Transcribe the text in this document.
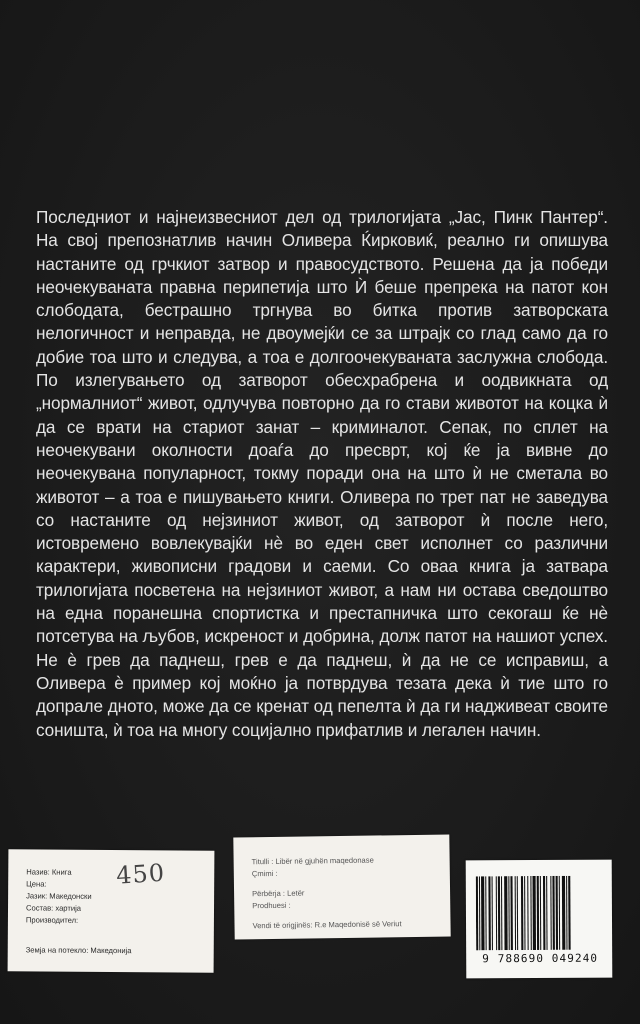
Последниот и најнеизвесниот дел од трилогијата „Јас, Пинк Пантер“. На свој препознатлив начин Оливера Ќирковиќ, реално ги опишува настаните од грчкиот затвор и правосудството. Решена да ја победи неочекуваната правна перипетија што Ѝ беше препрека на патот кон слободата, бестрашно тргнува во битка против затворската нелогичност и неправда, не двоумејќи се за штрајк со глад само да го добие тоа што и следува, а тоа е долгоочекуваната заслужна слобода. По излегувањето од затворот обесхрабрена и оодвикната од „нормалниот“ живот, одлучува повторно да го стави животот на коцка ѝ да се врати на стариот занат – криминалот. Сепак, по сплет на неочекувани околности доаѓа до пресврт, кој ќе ја вивне до неочекувана популарност, токму поради она на што ѝ не сметала во животот – а тоа е пишувањето книги. Оливера по трет пат не заведува со настаните од нејзиниот живот, од затворот ѝ после него, истовремено вовлекувајќи нѐ во еден свет исполнет со различни карактери, живописни градови и саеми. Со оваа книга ја затвара трилогијата посветена на нејзиниот живот, а нам ни остава сведоштво на една поранешна спортистка и престапничка што секогаш ќе нѐ потсетува на љубов, искреност и добрина, долж патот на нашиот успех. Не ѐ грев да паднеш, грев е да паднеш, ѝ да не се исправиш, а Оливера ѐ пример кој моќно ја потврдува тезата дека ѝ тие што го допрале дното, може да се кренат од пепелта ѝ да ги надживеат своите соништа, ѝ тоа на многу социјално прифатлив и легален начин.

Назив: Книга
Цена:
Јазик: Македонски
Состав: хартија
Производител:
Земја на потекло: Македонија
450	Titulli : Libër në gjuhën maqedonase
Çmimi :
Përbërja : Letër
Prodhuesi :
Vendi të origjinës: R.e Maqedonisë së Veriut
9 788690 049240
